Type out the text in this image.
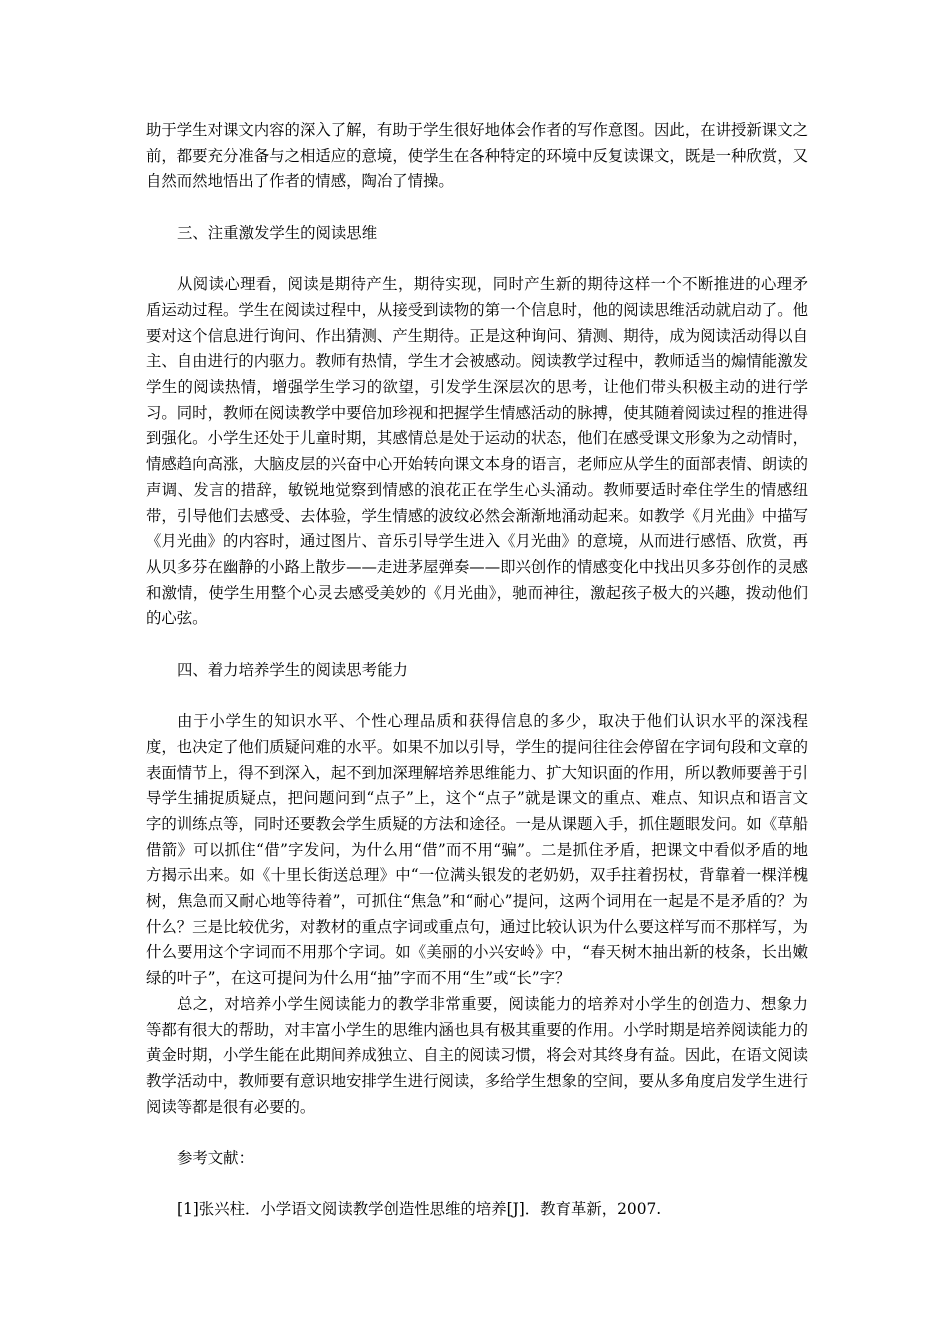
助于学生对课文内容的深入了解，有助于学生很好地体会作者的写作意图。因此，在讲授新课文之前，都要充分准备与之相适应的意境，使学生在各种特定的环境中反复读课文，既是一种欣赏，又自然而然地悟出了作者的情感，陶冶了情操。

三、注重激发学生的阅读思维

从阅读心理看，阅读是期待产生，期待实现，同时产生新的期待这样一个不断推进的心理矛盾运动过程。学生在阅读过程中，从接受到读物的第一个信息时，他的阅读思维活动就启动了。他要对这个信息进行询问、作出猜测、产生期待。正是这种询问、猜测、期待，成为阅读活动得以自主、自由进行的内驱力。教师有热情，学生才会被感动。阅读教学过程中，教师适当的煽情能激发学生的阅读热情，增强学生学习的欲望，引发学生深层次的思考，让他们带头积极主动的进行学习。同时，教师在阅读教学中要倍加珍视和把握学生情感活动的脉搏，使其随着阅读过程的推进得到强化。小学生还处于儿童时期，其感情总是处于运动的状态，他们在感受课文形象为之动情时，情感趋向高涨，大脑皮层的兴奋中心开始转向课文本身的语言，老师应从学生的面部表情、朗读的声调、发言的措辞，敏锐地觉察到情感的浪花正在学生心头涌动。教师要适时牵住学生的情感纽带，引导他们去感受、去体验，学生情感的波纹必然会渐渐地涌动起来。如教学《月光曲》中描写《月光曲》的内容时，通过图片、音乐引导学生进入《月光曲》的意境，从而进行感悟、欣赏，再从贝多芬在幽静的小路上散步——走进茅屋弹奏——即兴创作的情感变化中找出贝多芬创作的灵感和激情，使学生用整个心灵去感受美妙的《月光曲》，驰而神往，激起孩子极大的兴趣，拨动他们的心弦。

四、着力培养学生的阅读思考能力

由于小学生的知识水平、个性心理品质和获得信息的多少，取决于他们认识水平的深浅程度，也决定了他们质疑问难的水平。如果不加以引导，学生的提问往往会停留在字词句段和文章的表面情节上，得不到深入，起不到加深理解培养思维能力、扩大知识面的作用，所以教师要善于引导学生捕捉质疑点，把问题问到“点子”上，这个“点子”就是课文的重点、难点、知识点和语言文字的训练点等，同时还要教会学生质疑的方法和途径。一是从课题入手，抓住题眼发问。如《草船借箭》可以抓住“借”字发问，为什么用“借”而不用“骗”。二是抓住矛盾，把课文中看似矛盾的地方揭示出来。如《十里长街送总理》中“一位满头银发的老奶奶，双手拄着拐杖，背靠着一棵洋槐树，焦急而又耐心地等待着”，可抓住“焦急”和“耐心”提问，这两个词用在一起是不是矛盾的？为什么？三是比较优劣，对教材的重点字词或重点句，通过比较认识为什么要这样写而不那样写，为什么要用这个字词而不用那个字词。如《美丽的小兴安岭》中，“春天树木抽出新的枝条，长出嫩绿的叶子”，在这可提问为什么用“抽”字而不用“生”或“长”字？

总之，对培养小学生阅读能力的教学非常重要，阅读能力的培养对小学生的创造力、想象力等都有很大的帮助，对丰富小学生的思维内涵也具有极其重要的作用。小学时期是培养阅读能力的黄金时期，小学生能在此期间养成独立、自主的阅读习惯，将会对其终身有益。因此，在语文阅读教学活动中，教师要有意识地安排学生进行阅读，多给学生想象的空间，要从多角度启发学生进行阅读等都是很有必要的。

参考文献：

[1]张兴柱．小学语文阅读教学创造性思维的培养[J]．教育革新，2007.
